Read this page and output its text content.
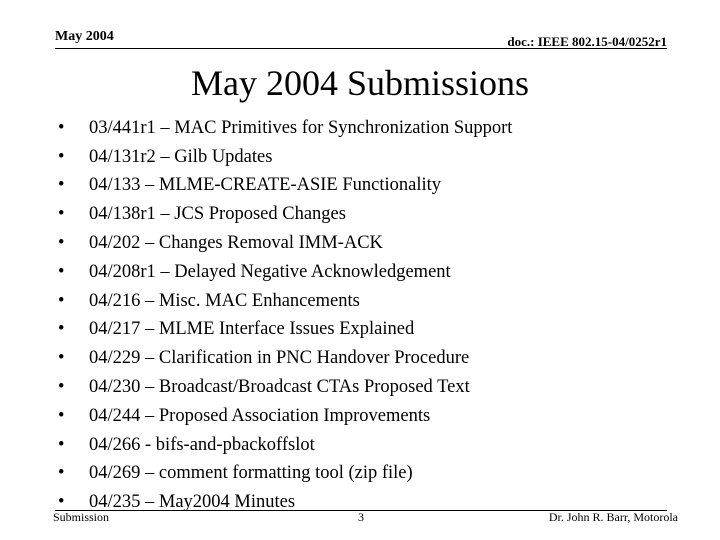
May 2004	doc.: IEEE 802.15-04/0252r1
May 2004 Submissions
•	03/441r1 – MAC Primitives for Synchronization Support
•	04/131r2 – Gilb Updates
•	04/133 – MLME-CREATE-ASIE Functionality
•	04/138r1 – JCS Proposed Changes
•	04/202 – Changes Removal IMM-ACK
•	04/208r1 – Delayed Negative Acknowledgement
•	04/216 – Misc. MAC Enhancements
•	04/217 – MLME Interface Issues Explained
•	04/229 – Clarification in PNC Handover Procedure
•	04/230 – Broadcast/Broadcast CTAs Proposed Text
•	04/244 – Proposed Association Improvements
•	04/266 - bifs-and-pbackoffslot
•	04/269 – comment formatting tool (zip file)
•	04/235 – May2004 Minutes
Submission	3	Dr. John R. Barr, Motorola
